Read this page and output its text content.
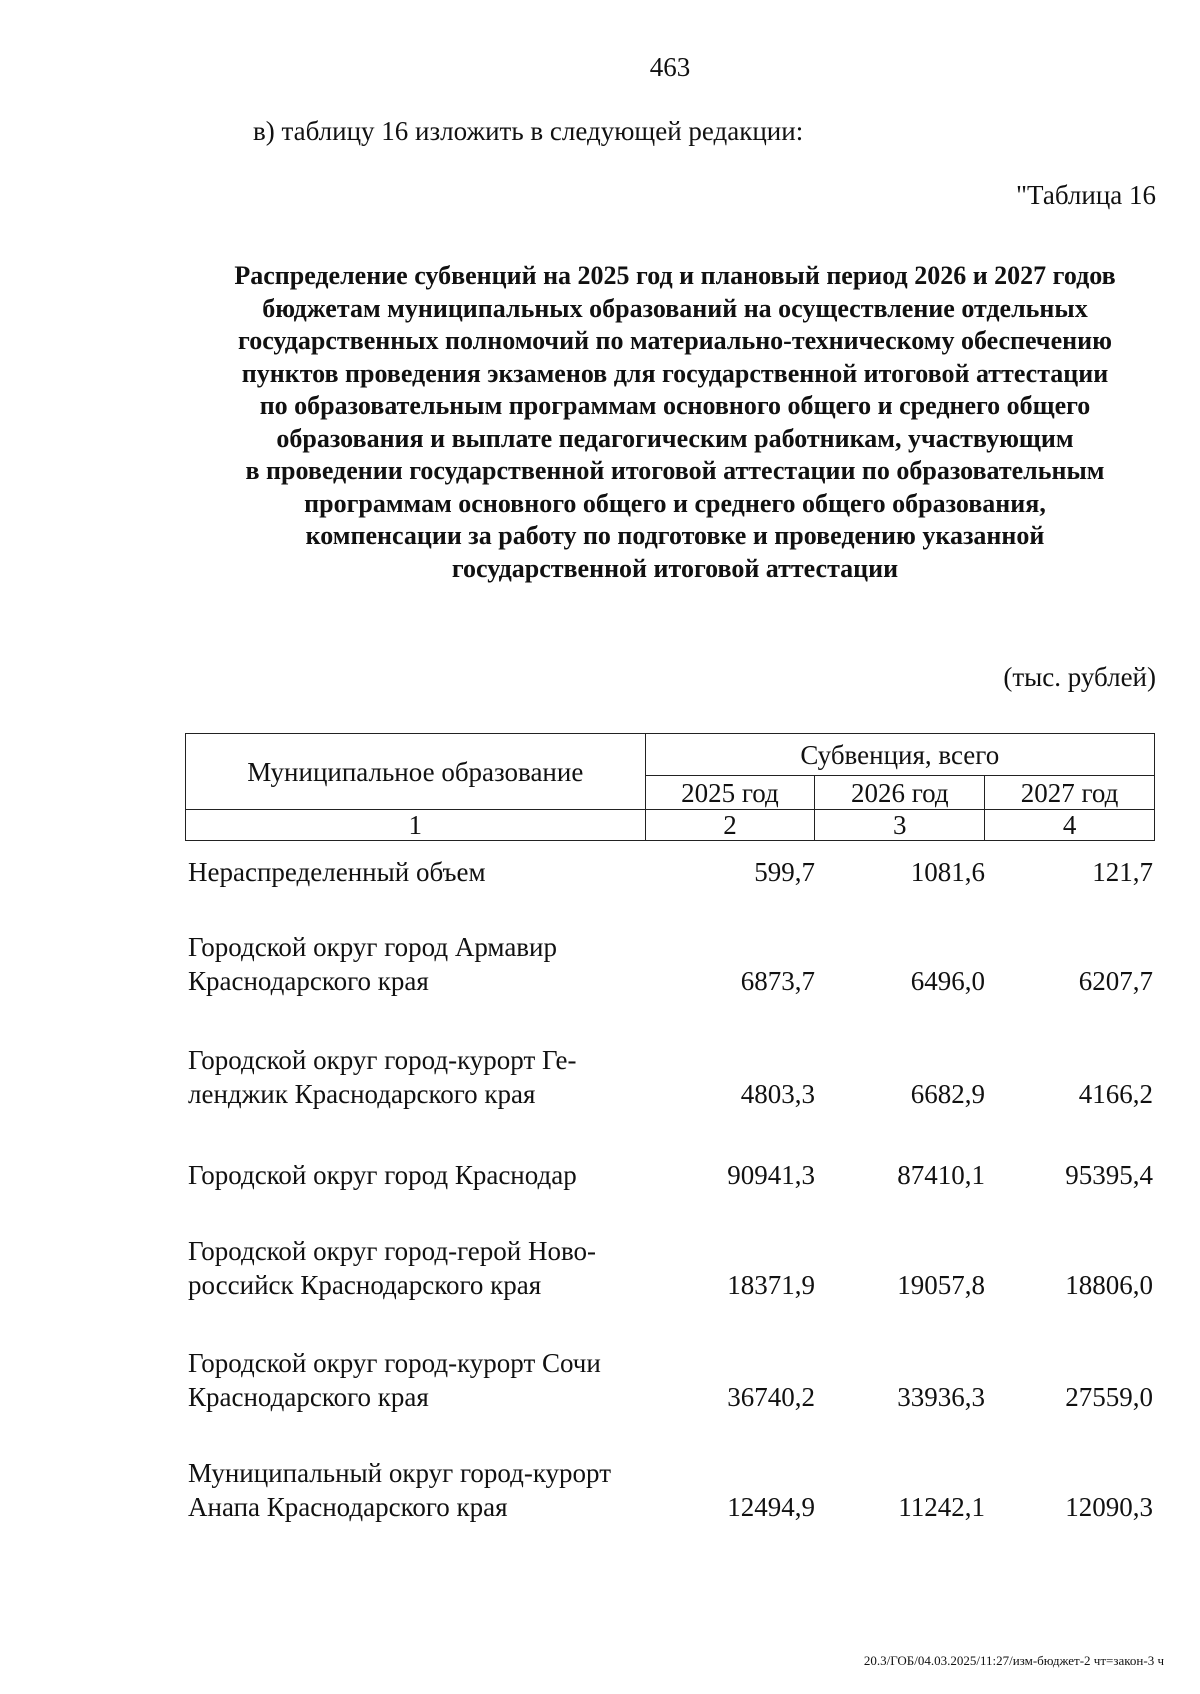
463
в) таблицу 16 изложить в следующей редакции:
"Таблица 16
Распределение субвенций на 2025 год и плановый период 2026 и 2027 годов
бюджетам муниципальных образований на осуществление отдельных
государственных полномочий по материально-техническому обеспечению
пунктов проведения экзаменов для государственной итоговой аттестации
по образовательным программам основного общего и среднего общего
образования и выплате педагогическим работникам, участвующим
в проведении государственной итоговой аттестации по образовательным
программам основного общего и среднего общего образования,
компенсации за работу по подготовке и проведению указанной
государственной итоговой аттестации
(тыс. рублей)
Муниципальное образование	Субвенция, всего		
	2025 год	2026 год	2027 год
1	2	3	4
Нераспределенный объем	599,7	1081,6	121,7
Городской округ город Армавир
Краснодарского края	6873,7	6496,0	6207,7
Городской округ город-курорт Ге-
ленджик Краснодарского края	4803,3	6682,9	4166,2
Городской округ город Краснодар	90941,3	87410,1	95395,4
Городской округ город-герой Ново-
российск Краснодарского края	18371,9	19057,8	18806,0
Городской округ город-курорт Сочи
Краснодарского края	36740,2	33936,3	27559,0
Муниципальный округ город-курорт
Анапа Краснодарского края	12494,9	11242,1	12090,3
20.3/ГОБ/04.03.2025/11:27/изм-бюджет-2 чт=закон-3 ч
